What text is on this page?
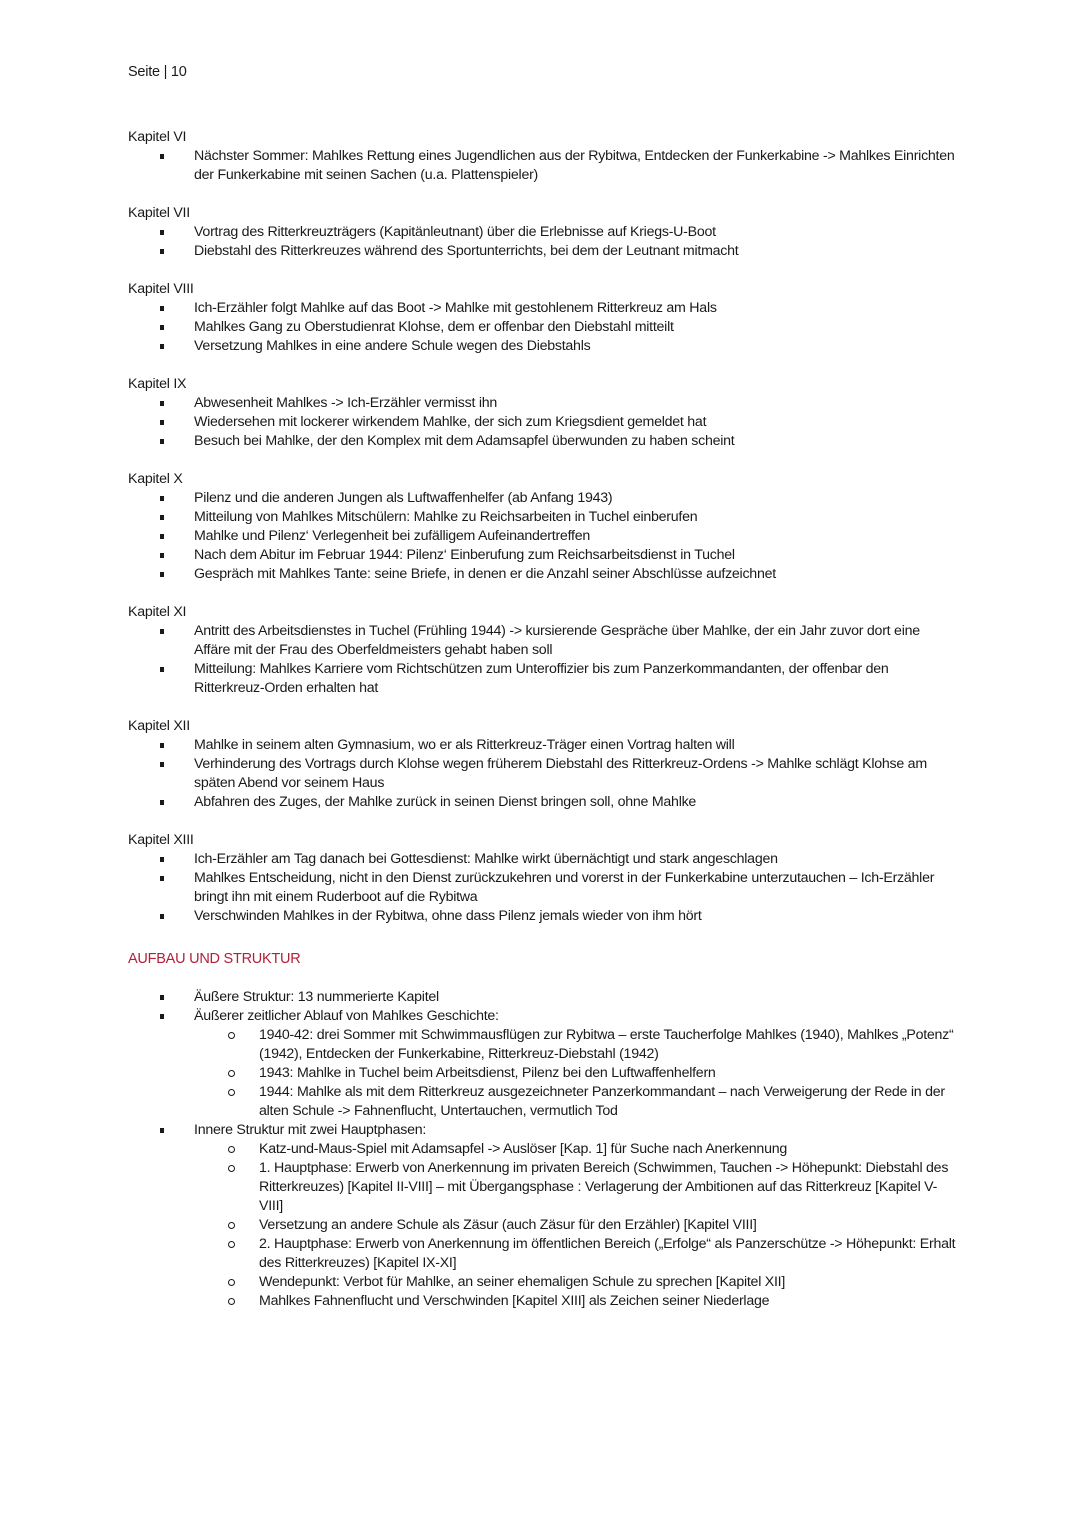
Seite | 10
Kapitel VI
Nächster Sommer: Mahlkes Rettung eines Jugendlichen aus der Rybitwa, Entdecken der Funkerkabine -> Mahlkes Einrichten der Funkerkabine mit seinen Sachen (u.a. Plattenspieler)
Kapitel VII
Vortrag des Ritterkreuzträgers (Kapitänleutnant) über die Erlebnisse auf Kriegs-U-Boot
Diebstahl des Ritterkreuzes während des Sportunterrichts, bei dem der Leutnant mitmacht
Kapitel VIII
Ich-Erzähler folgt Mahlke auf das Boot -> Mahlke mit gestohlenem Ritterkreuz am Hals
Mahlkes Gang zu Oberstudienrat Klohse, dem er offenbar den Diebstahl mitteilt
Versetzung Mahlkes in eine andere Schule wegen des Diebstahls
Kapitel IX
Abwesenheit Mahlkes -> Ich-Erzähler vermisst ihn
Wiedersehen mit lockerer wirkendem Mahlke, der sich zum Kriegsdient gemeldet hat
Besuch bei Mahlke, der den Komplex mit dem Adamsapfel überwunden zu haben scheint
Kapitel X
Pilenz und die anderen Jungen als Luftwaffenhelfer (ab Anfang 1943)
Mitteilung von Mahlkes Mitschülern: Mahlke zu Reichsarbeiten in Tuchel einberufen
Mahlke und Pilenz‘ Verlegenheit bei zufälligem Aufeinandertreffen
Nach dem Abitur im Februar 1944: Pilenz‘ Einberufung zum Reichsarbeitsdienst in Tuchel
Gespräch mit Mahlkes Tante: seine Briefe, in denen er die Anzahl seiner Abschlüsse aufzeichnet
Kapitel XI
Antritt des Arbeitsdienstes in Tuchel (Frühling 1944) -> kursierende Gespräche über Mahlke, der ein Jahr zuvor dort eine Affäre mit der Frau des Oberfeldmeisters gehabt haben soll
Mitteilung: Mahlkes Karriere vom Richtschützen zum Unteroffizier bis zum Panzerkommandanten, der offenbar den Ritterkreuz-Orden erhalten hat
Kapitel XII
Mahlke in seinem alten Gymnasium, wo er als Ritterkreuz-Träger einen Vortrag halten will
Verhinderung des Vortrags durch Klohse wegen früherem Diebstahl des Ritterkreuz-Ordens -> Mahlke schlägt Klohse am späten Abend vor seinem Haus
Abfahren des Zuges, der Mahlke zurück in seinen Dienst bringen soll, ohne Mahlke
Kapitel XIII
Ich-Erzähler am Tag danach bei Gottesdienst: Mahlke wirkt übernächtigt und stark angeschlagen
Mahlkes Entscheidung, nicht in den Dienst zurückzukehren und vorerst in der Funkerkabine unterzutauchen – Ich-Erzähler bringt ihn mit einem Ruderboot auf die Rybitwa
Verschwinden Mahlkes in der Rybitwa, ohne dass Pilenz jemals wieder von ihm hört
AUFBAU UND STRUKTUR
Äußere Struktur: 13 nummerierte Kapitel
Äußerer zeitlicher Ablauf von Mahlkes Geschichte:
1940-42: drei Sommer mit Schwimmausflügen zur Rybitwa – erste Taucherfolge Mahlkes (1940), Mahlkes „Potenz“ (1942), Entdecken der Funkerkabine, Ritterkreuz-Diebstahl (1942)
1943: Mahlke in Tuchel beim Arbeitsdienst, Pilenz bei den Luftwaffenhelfern
1944: Mahlke als mit dem Ritterkreuz ausgezeichneter Panzerkommandant – nach Verweigerung der Rede in der alten Schule -> Fahnenflucht, Untertauchen, vermutlich Tod
Innere Struktur mit zwei Hauptphasen:
Katz-und-Maus-Spiel mit Adamsapfel -> Auslöser [Kap. 1] für Suche nach Anerkennung
1. Hauptphase: Erwerb von Anerkennung im privaten Bereich (Schwimmen, Tauchen -> Höhepunkt: Diebstahl des Ritterkreuzes) [Kapitel II-VIII] – mit Übergangsphase : Verlagerung der Ambitionen auf das Ritterkreuz [Kapitel V-VIII]
Versetzung an andere Schule als Zäsur (auch Zäsur für den Erzähler) [Kapitel VIII]
2. Hauptphase: Erwerb von Anerkennung im öffentlichen Bereich („Erfolge“ als Panzerschütze -> Höhepunkt: Erhalt des Ritterkreuzes) [Kapitel IX-XI]
Wendepunkt: Verbot für Mahlke, an seiner ehemaligen Schule zu sprechen [Kapitel XII]
Mahlkes Fahnenflucht und Verschwinden [Kapitel XIII] als Zeichen seiner Niederlage
